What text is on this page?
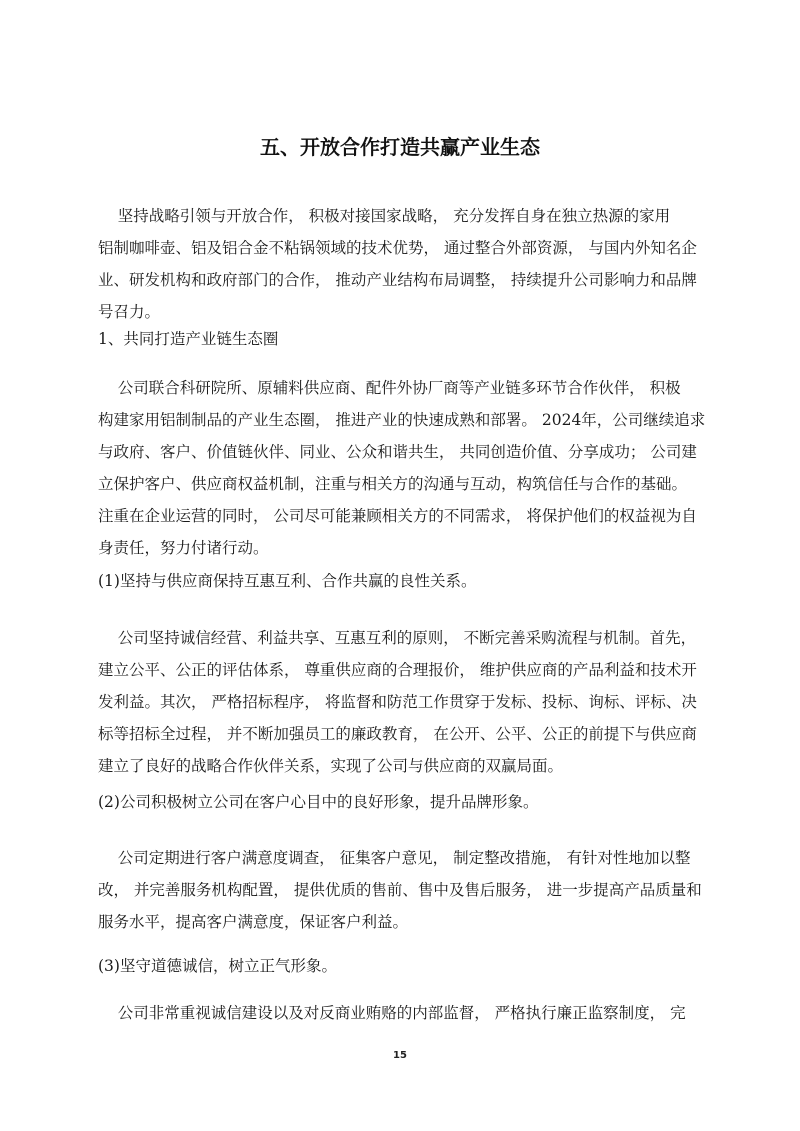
五、开放合作打造共赢产业生态
坚持战略引领与开放合作， 积极对接国家战略， 充分发挥自身在独立热源的家用
铝制咖啡壶、铝及铝合金不粘锅领域的技术优势， 通过整合外部资源， 与国内外知名企
业、研发机构和政府部门的合作， 推动产业结构布局调整， 持续提升公司影响力和品牌
号召力。
1、共同打造产业链生态圈
公司联合科研院所、原辅料供应商、配件外协厂商等产业链多环节合作伙伴， 积极
构建家用铝制制品的产业生态圈， 推进产业的快速成熟和部署。 2024年，公司继续追求
与政府、客户、价值链伙伴、同业、公众和谐共生， 共同创造价值、分享成功； 公司建
立保护客户、供应商权益机制，注重与相关方的沟通与互动，构筑信任与合作的基础。
注重在企业运营的同时， 公司尽可能兼顾相关方的不同需求， 将保护他们的权益视为自
身责任，努力付诸行动。
(1)坚持与供应商保持互惠互利、合作共赢的良性关系。
公司坚持诚信经营、利益共享、互惠互利的原则， 不断完善采购流程与机制。首先，
建立公平、公正的评估体系， 尊重供应商的合理报价， 维护供应商的产品利益和技术开
发利益。其次， 严格招标程序， 将监督和防范工作贯穿于发标、投标、询标、评标、决
标等招标全过程， 并不断加强员工的廉政教育， 在公开、公平、公正的前提下与供应商
建立了良好的战略合作伙伴关系，实现了公司与供应商的双赢局面。
(2)公司积极树立公司在客户心目中的良好形象，提升品牌形象。
公司定期进行客户满意度调查， 征集客户意见， 制定整改措施， 有针对性地加以整
改， 并完善服务机构配置， 提供优质的售前、售中及售后服务， 进一步提高产品质量和
服务水平，提高客户满意度，保证客户利益。
(3)坚守道德诚信，树立正气形象。
公司非常重视诚信建设以及对反商业贿赂的内部监督， 严格执行廉正监察制度， 完
15
